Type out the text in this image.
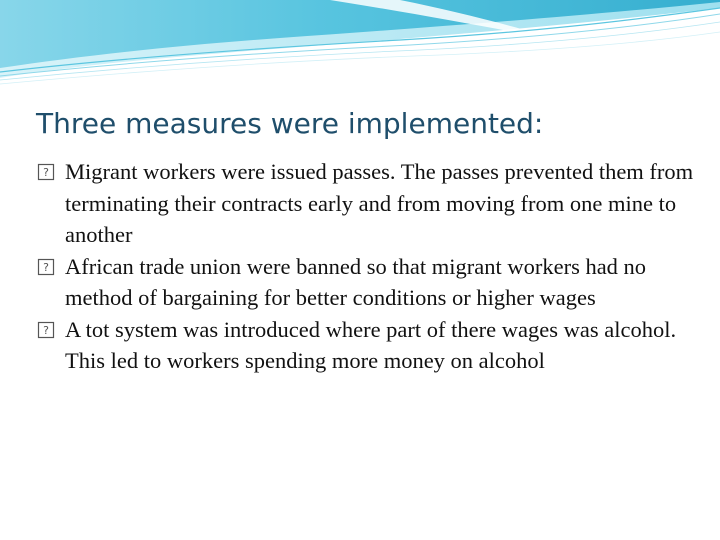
Three measures were implemented:
? Migrant workers were issued passes. The passes prevented them from terminating their contracts early and from moving from one mine to another
? African trade union were banned so that migrant workers had no method of bargaining for better conditions or higher wages
? A tot system was introduced where part of there wages was alcohol. This led to workers spending more money on alcohol
